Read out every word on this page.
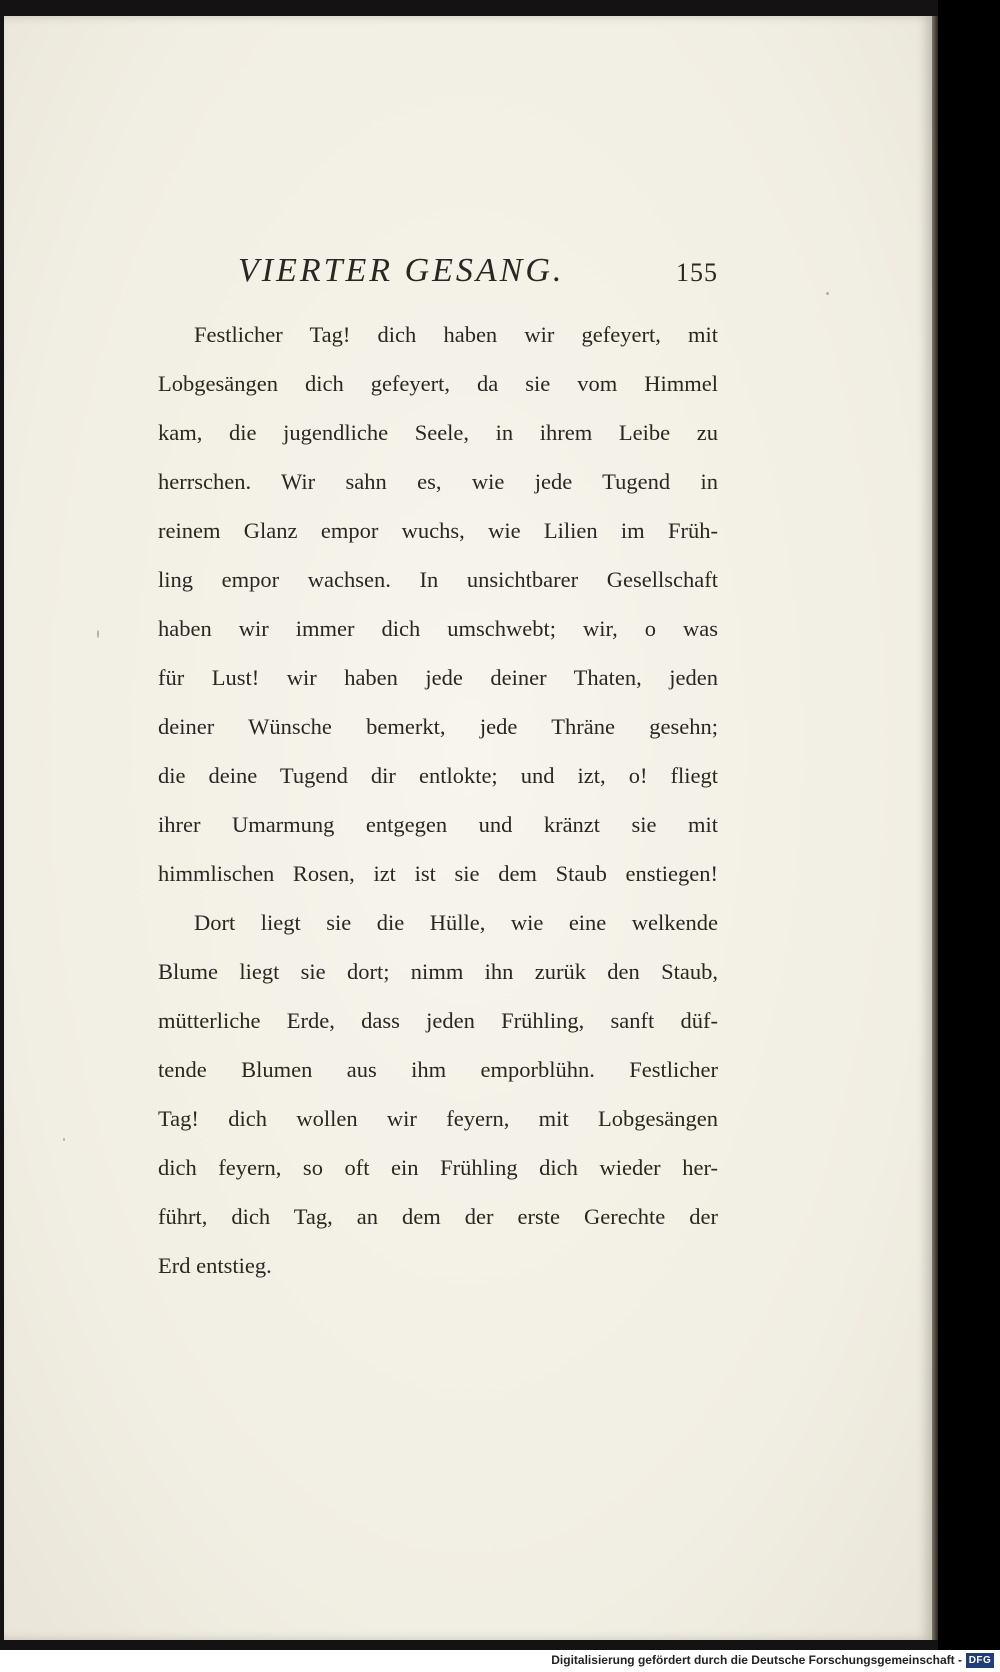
VIERTER GESANG.	155
Festlicher Tag! dich haben wir gefeyert, mit
Lobgesängen dich gefeyert, da sie vom Himmel
kam, die jugendliche Seele, in ihrem Leibe zu
herrschen. Wir sahn es, wie jede Tugend in
reinem Glanz empor wuchs, wie Lilien im Früh-
ling empor wachsen. In unsichtbarer Gesellschaft
haben wir immer dich umschwebt; wir, o was
für Lust! wir haben jede deiner Thaten, jeden
deiner Wünsche bemerkt, jede Thräne gesehn;
die deine Tugend dir entlokte; und izt, o! fliegt
ihrer Umarmung entgegen und kränzt sie mit
himmlischen Rosen, izt ist sie dem Staub enstiegen!
Dort liegt sie die Hülle, wie eine welkende
Blume liegt sie dort; nimm ihn zurük den Staub,
mütterliche Erde, dass jeden Frühling, sanft düf-
tende Blumen aus ihm emporblühn. Festlicher
Tag! dich wollen wir feyern, mit Lobgesängen
dich feyern, so oft ein Frühling dich wieder her-
führt, dich Tag, an dem der erste Gerechte der
Erd entstieg.
Digitalisierung gefördert durch die Deutsche Forschungsgemeinschaft - DFG
